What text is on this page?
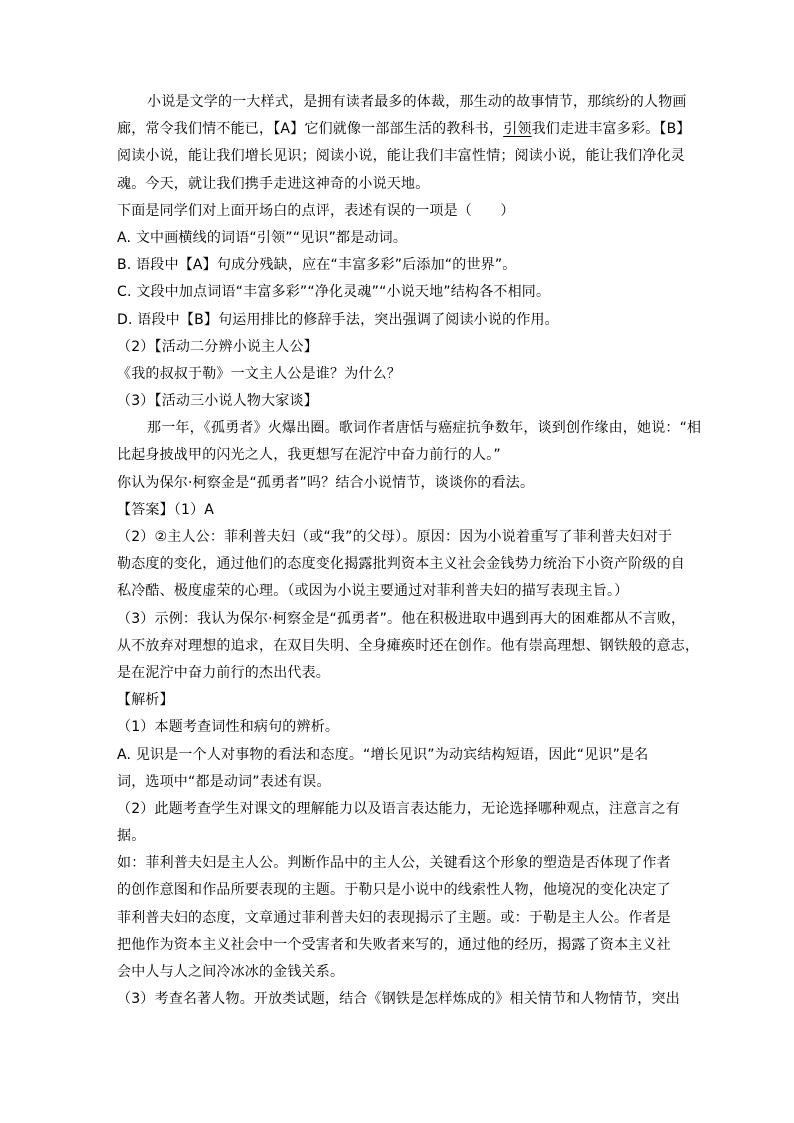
小说是文学的一大样式，是拥有读者最多的体裁，那生动的故事情节，那缤纷的人物画
廊，常令我们情不能已，【A】它们就像一部部生活的教科书，引领我们走进丰富多彩。【B】
阅读小说，能让我们增长见识；阅读小说，能让我们丰富性情；阅读小说，能让我们净化灵
魂。今天，就让我们携手走进这神奇的小说天地。
下面是同学们对上面开场白的点评，表述有误的一项是（　　）
A. 文中画横线的词语“引领”“见识”都是动词。
B. 语段中【A】句成分残缺，应在“丰富多彩”后添加“的世界”。
C. 文段中加点词语“丰富多彩”“净化灵魂”“小说天地”结构各不相同。
D. 语段中【B】句运用排比的修辞手法，突出强调了阅读小说的作用。
（2）【活动二分辨小说主人公】
《我的叔叔于勒》一文主人公是谁？为什么？
（3）【活动三小说人物大家谈】
那一年，《孤勇者》火爆出圈。歌词作者唐恬与癌症抗争数年，谈到创作缘由，她说：“相
比起身披战甲的闪光之人，我更想写在泥泞中奋力前行的人。”
你认为保尔·柯察金是“孤勇者”吗？结合小说情节，谈谈你的看法。
【答案】（1）A
（2）②主人公：菲利普夫妇（或“我”的父母）。原因：因为小说着重写了菲利普夫妇对于
勒态度的变化，通过他们的态度变化揭露批判资本主义社会金钱势力统治下小资产阶级的自
私冷酷、极度虚荣的心理。（或因为小说主要通过对菲利普夫妇的描写表现主旨。）
（3）示例：我认为保尔·柯察金是“孤勇者”。他在积极进取中遇到再大的困难都从不言败，
从不放弃对理想的追求，在双目失明、全身瘫痪时还在创作。他有崇高理想、钢铁般的意志，
是在泥泞中奋力前行的杰出代表。
【解析】
（1）本题考查词性和病句的辨析。
A. 见识是一个人对事物的看法和态度。“增长见识”为动宾结构短语，因此“见识”是名
词，选项中“都是动词”表述有误。
（2）此题考查学生对课文的理解能力以及语言表达能力，无论选择哪种观点，注意言之有
据。
如：菲利普夫妇是主人公。判断作品中的主人公，关键看这个形象的塑造是否体现了作者
的创作意图和作品所要表现的主题。于勒只是小说中的线索性人物，他境况的变化决定了
菲利普夫妇的态度，文章通过菲利普夫妇的表现揭示了主题。或：于勒是主人公。作者是
把他作为资本主义社会中一个受害者和失败者来写的，通过他的经历，揭露了资本主义社
会中人与人之间冷冰冰的金钱关系。
（3）考查名著人物。开放类试题，结合《钢铁是怎样炼成的》相关情节和人物情节，突出
